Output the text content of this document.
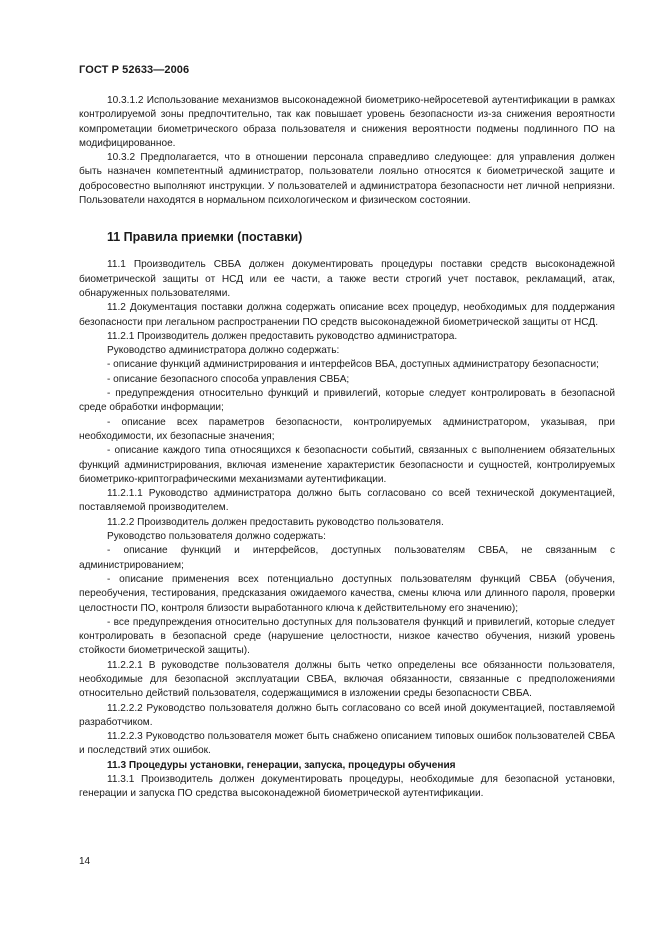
ГОСТ Р 52633—2006

10.3.1.2 Использование механизмов высоконадежной биометрико-нейросетевой аутентификации в рамках контролируемой зоны предпочтительно, так как повышает уровень безопасности из-за снижения вероятности компрометации биометрического образа пользователя и снижения вероятности подмены подлинного ПО на модифицированное.

10.3.2 Предполагается, что в отношении персонала справедливо следующее: для управления должен быть назначен компетентный администратор, пользователи лояльно относятся к биометрической защите и добросовестно выполняют инструкции. У пользователей и администратора безопасности нет личной неприязни. Пользователи находятся в нормальном психологическом и физическом состоянии.

11 Правила приемки (поставки)

11.1 Производитель СВБА должен документировать процедуры поставки средств высоконадежной биометрической защиты от НСД или ее части, а также вести строгий учет поставок, рекламаций, атак, обнаруженных пользователями.

11.2 Документация поставки должна содержать описание всех процедур, необходимых для поддержания безопасности при легальном распространении ПО средств высоконадежной биометрической защиты от НСД.

11.2.1 Производитель должен предоставить руководство администратора.

Руководство администратора должно содержать:

- описание функций администрирования и интерфейсов ВБА, доступных администратору безопасности;

- описание безопасного способа управления СВБА;

- предупреждения относительно функций и привилегий, которые следует контролировать в безопасной среде обработки информации;

- описание всех параметров безопасности, контролируемых администратором, указывая, при необходимости, их безопасные значения;

- описание каждого типа относящихся к безопасности событий, связанных с выполнением обязательных функций администрирования, включая изменение характеристик безопасности и сущностей, контролируемых биометрико-криптографическими механизмами аутентификации.

11.2.1.1 Руководство администратора должно быть согласовано со всей технической документацией, поставляемой производителем.

11.2.2 Производитель должен предоставить руководство пользователя.

Руководство пользователя должно содержать:

- описание функций и интерфейсов, доступных пользователям СВБА, не связанным с администрированием;

- описание применения всех потенциально доступных пользователям функций СВБА (обучения, переобучения, тестирования, предсказания ожидаемого качества, смены ключа или длинного пароля, проверки целостности ПО, контроля близости выработанного ключа к действительному его значению);

- все предупреждения относительно доступных для пользователя функций и привилегий, которые следует контролировать в безопасной среде (нарушение целостности, низкое качество обучения, низкий уровень стойкости биометрической защиты).

11.2.2.1 В руководстве пользователя должны быть четко определены все обязанности пользователя, необходимые для безопасной эксплуатации СВБА, включая обязанности, связанные с предположениями относительно действий пользователя, содержащимися в изложении среды безопасности СВБА.

11.2.2.2 Руководство пользователя должно быть согласовано со всей иной документацией, поставляемой разработчиком.

11.2.2.3 Руководство пользователя может быть снабжено описанием типовых ошибок пользователей СВБА и последствий этих ошибок.

11.3 Процедуры установки, генерации, запуска, процедуры обучения

11.3.1 Производитель должен документировать процедуры, необходимые для безопасной установки, генерации и запуска ПО средства высоконадежной биометрической аутентификации.

14
